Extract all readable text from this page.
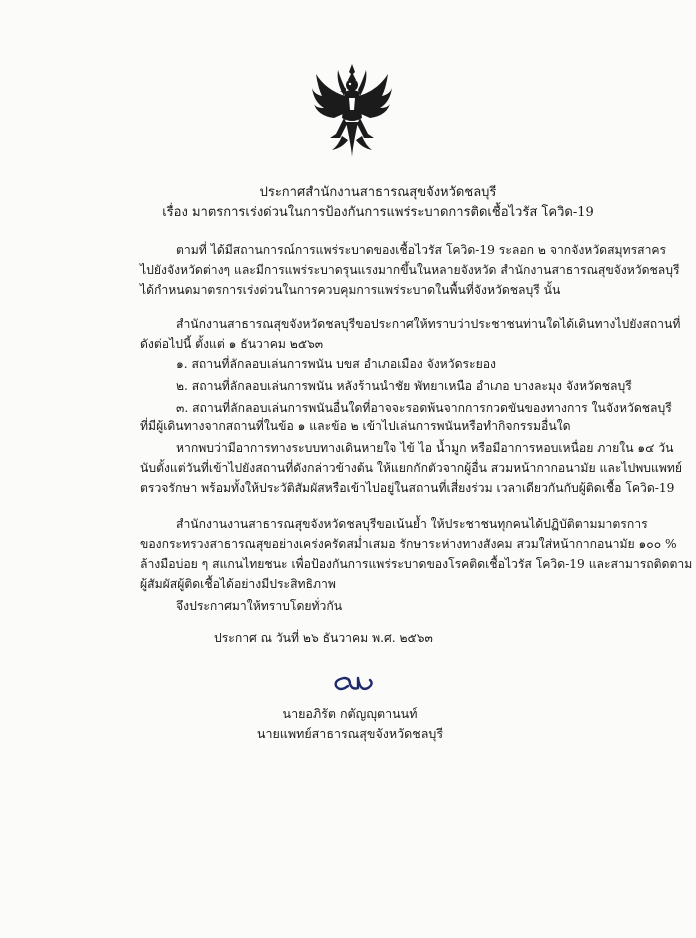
ประกาศสำนักงานสาธารณสุขจังหวัดชลบุรี
เรื่อง มาตรการเร่งด่วนในการป้องกันการแพร่ระบาดการติดเชื้อไวรัส โควิด-19
ตามที่ ได้มีสถานการณ์การแพร่ระบาดของเชื้อไวรัส โควิด-19 ระลอก ๒ จากจังหวัดสมุทรสาคร
ไปยังจังหวัดต่างๆ และมีการแพร่ระบาดรุนแรงมากขึ้นในหลายจังหวัด สำนักงานสาธารณสุขจังหวัดชลบุรี
ได้กำหนดมาตรการเร่งด่วนในการควบคุมการแพร่ระบาดในพื้นที่จังหวัดชลบุรี นั้น
สำนักงานสาธารณสุขจังหวัดชลบุรีขอประกาศให้ทราบว่าประชาชนท่านใดได้เดินทางไปยังสถานที่
ดังต่อไปนี้ ตั้งแต่ ๑ ธันวาคม ๒๕๖๓
๑. สถานที่ลักลอบเล่นการพนัน บขส อำเภอเมือง จังหวัดระยอง
๒. สถานที่ลักลอบเล่นการพนัน หลังร้านนำชัย พัทยาเหนือ อำเภอ บางละมุง จังหวัดชลบุรี
๓. สถานที่ลักลอบเล่นการพนันอื่นใดที่อาจจะรอดพ้นจากการกวดขันของทางการ ในจังหวัดชลบุรี
ที่มีผู้เดินทางจากสถานที่ในข้อ ๑ และข้อ ๒ เข้าไปเล่นการพนันหรือทำกิจกรรมอื่นใด
หากพบว่ามีอาการทางระบบทางเดินหายใจ ไข้ ไอ น้ำมูก หรือมีอาการหอบเหนื่อย ภายใน ๑๔ วัน
นับตั้งแต่วันที่เข้าไปยังสถานที่ดังกล่าวข้างต้น ให้แยกกักตัวจากผู้อื่น สวมหน้ากากอนามัย และไปพบแพทย์
ตรวจรักษา พร้อมทั้งให้ประวัติสัมผัสหรือเข้าไปอยู่ในสถานที่เสี่ยงร่วม เวลาเดียวกันกับผู้ติดเชื้อ โควิด-19
สำนักงานงานสาธารณสุขจังหวัดชลบุรีขอเน้นย้ำ ให้ประชาชนทุกคนได้ปฏิบัติตามมาตรการ
ของกระทรวงสาธารณสุขอย่างเคร่งครัดสม่ำเสมอ รักษาระห่างทางสังคม สวมใส่หน้ากากอนามัย ๑๐๐ %
ล้างมือบ่อย ๆ สแกนไทยชนะ เพื่อป้องกันการแพร่ระบาดของโรคติดเชื้อไวรัส โควิด-19 และสามารถติดตาม
ผู้สัมผัสผู้ติดเชื้อได้อย่างมีประสิทธิภาพ
จึงประกาศมาให้ทราบโดยทั่วกัน
ประกาศ ณ วันที่ ๒๖ ธันวาคม พ.ศ. ๒๕๖๓
นายอภิรัต กตัญญุตานนท์
นายแพทย์สาธารณสุขจังหวัดชลบุรี
